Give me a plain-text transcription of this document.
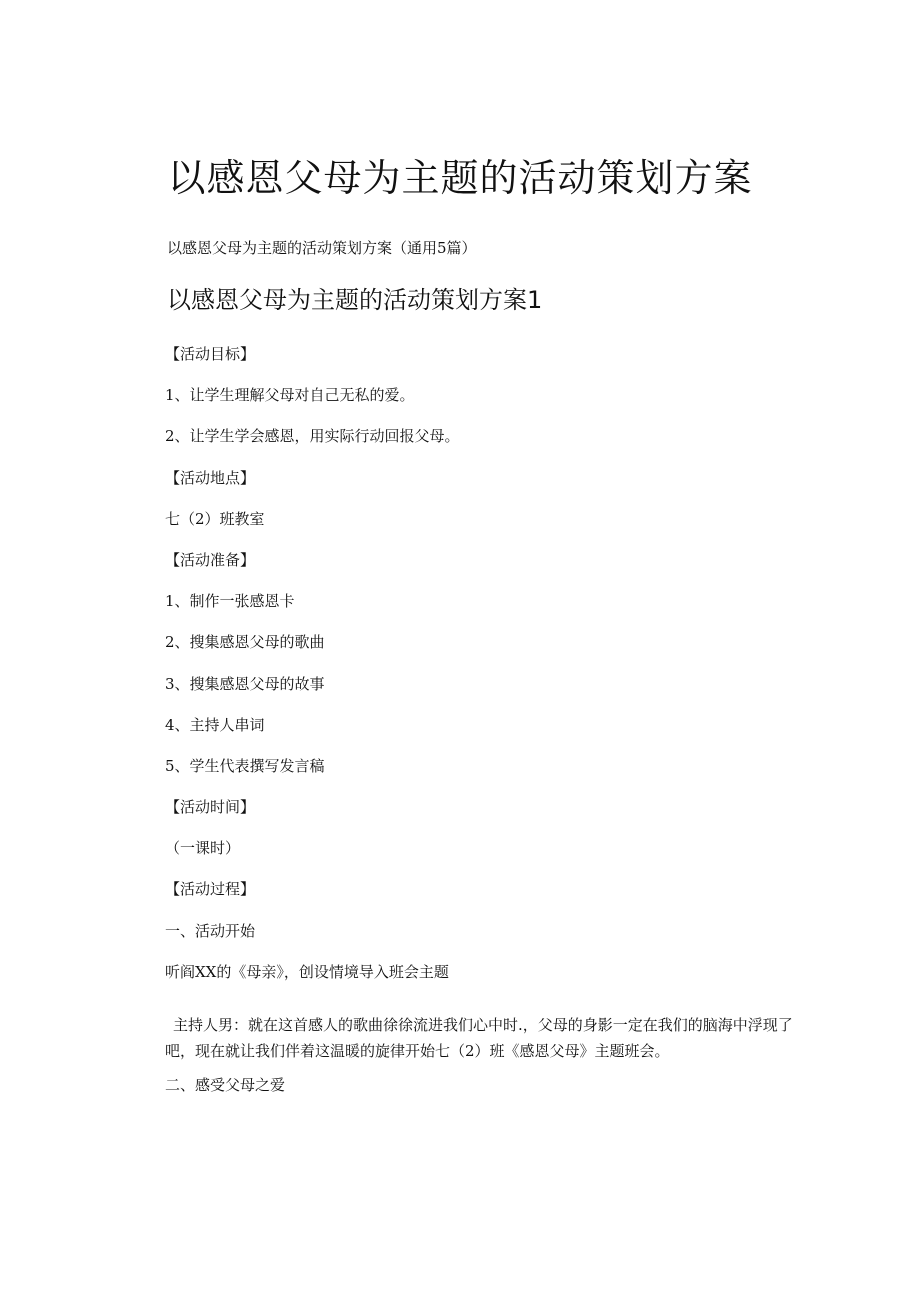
以感恩父母为主题的活动策划方案

以感恩父母为主题的活动策划方案（通用5篇）

以感恩父母为主题的活动策划方案1

【活动目标】

1、让学生理解父母对自己无私的爱。

2、让学生学会感恩，用实际行动回报父母。

【活动地点】

七（2）班教室

【活动准备】

1、制作一张感恩卡

2、搜集感恩父母的歌曲

3、搜集感恩父母的故事

4、主持人串词

5、学生代表撰写发言稿

【活动时间】

（一课时）

【活动过程】

一、活动开始

听阎XX的《母亲》，创设情境导入班会主题

主持人男：就在这首感人的歌曲徐徐流进我们心中时.，父母的身影一定在我们的脑海中浮现了吧，现在就让我们伴着这温暖的旋律开始七（2）班《感恩父母》主题班会。

二、感受父母之爱
